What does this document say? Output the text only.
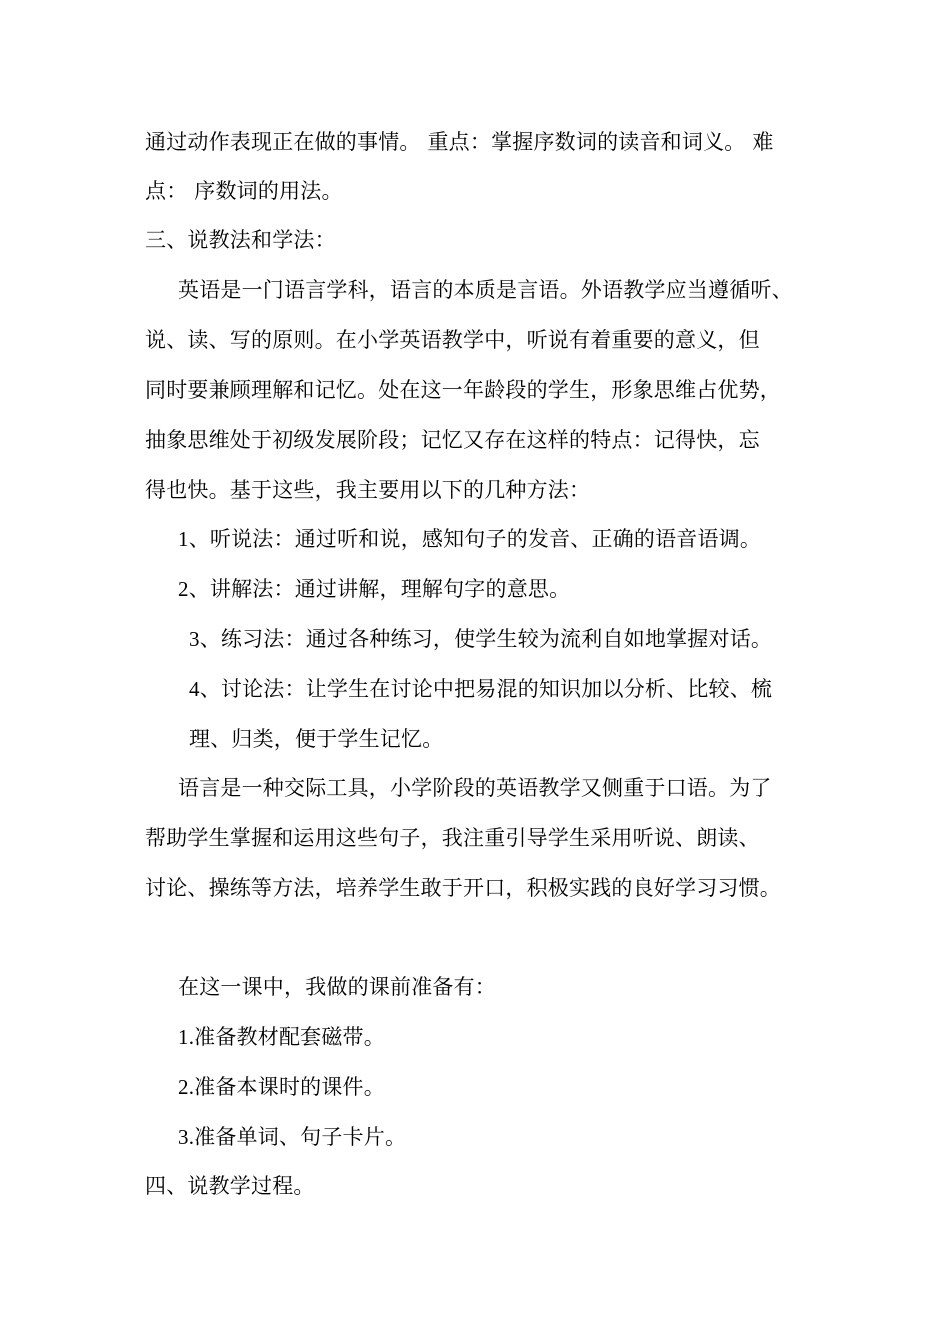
通过动作表现正在做的事情。 重点：掌握序数词的读音和词义。 难
点： 序数词的用法。
三、说教法和学法：
英语是一门语言学科，语言的本质是言语。外语教学应当遵循听、
说、读、写的原则。在小学英语教学中，听说有着重要的意义，但
同时要兼顾理解和记忆。处在这一年龄段的学生，形象思维占优势，
抽象思维处于初级发展阶段；记忆又存在这样的特点：记得快，忘
得也快。基于这些，我主要用以下的几种方法：
1、听说法：通过听和说，感知句子的发音、正确的语音语调。
2、讲解法：通过讲解，理解句字的意思。
3、练习法：通过各种练习，使学生较为流利自如地掌握对话。
4、讨论法：让学生在讨论中把易混的知识加以分析、比较、梳
理、归类，便于学生记忆。
语言是一种交际工具，小学阶段的英语教学又侧重于口语。为了
帮助学生掌握和运用这些句子，我注重引导学生采用听说、朗读、
讨论、操练等方法，培养学生敢于开口，积极实践的良好学习习惯。
在这一课中，我做的课前准备有：
1.准备教材配套磁带。
2.准备本课时的课件。
3.准备单词、句子卡片。
四、说教学过程。
